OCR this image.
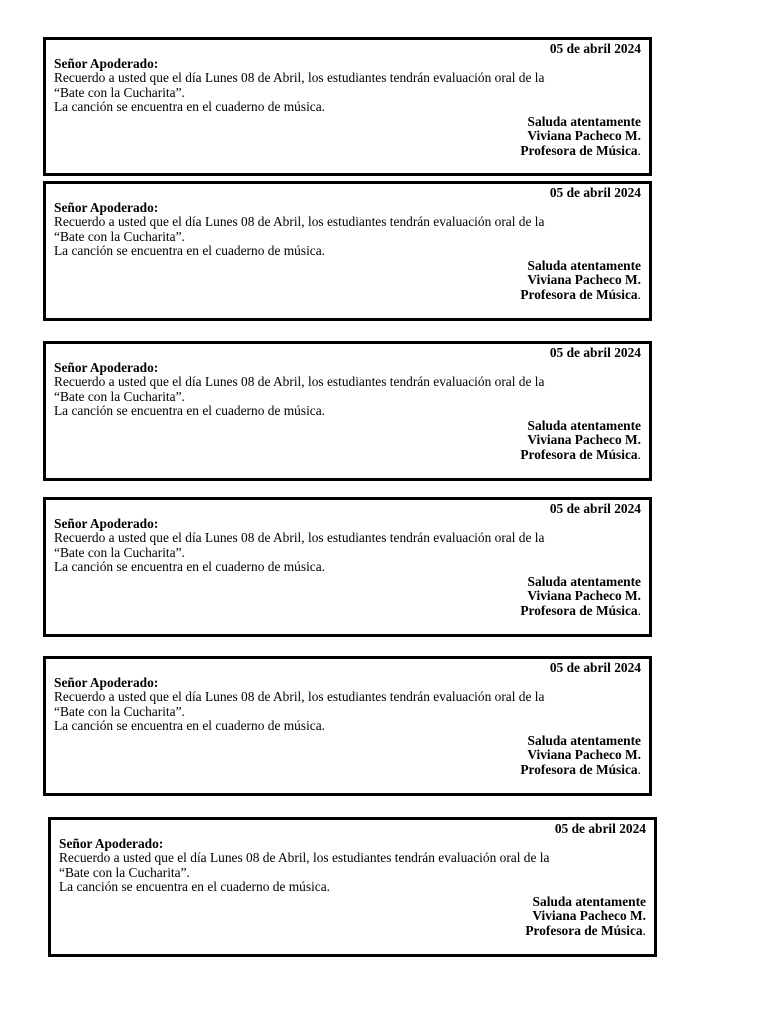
05 de abril 2024
Señor Apoderado:
Recuerdo a usted que el día Lunes 08 de Abril, los estudiantes tendrán evaluación oral de la
“Bate con la Cucharita”.
La canción se encuentra en el cuaderno de música.
Saluda atentamente
Viviana Pacheco M.
Profesora de Música.
05 de abril 2024
Señor Apoderado:
Recuerdo a usted que el día Lunes 08 de Abril, los estudiantes tendrán evaluación oral de la
“Bate con la Cucharita”.
La canción se encuentra en el cuaderno de música.
Saluda atentamente
Viviana Pacheco M.
Profesora de Música.
05 de abril 2024
Señor Apoderado:
Recuerdo a usted que el día Lunes 08 de Abril, los estudiantes tendrán evaluación oral de la
“Bate con la Cucharita”.
La canción se encuentra en el cuaderno de música.
Saluda atentamente
Viviana Pacheco M.
Profesora de Música.
05 de abril 2024
Señor Apoderado:
Recuerdo a usted que el día Lunes 08 de Abril, los estudiantes tendrán evaluación oral de la
“Bate con la Cucharita”.
La canción se encuentra en el cuaderno de música.
Saluda atentamente
Viviana Pacheco M.
Profesora de Música.
05 de abril 2024
Señor Apoderado:
Recuerdo a usted que el día Lunes 08 de Abril, los estudiantes tendrán evaluación oral de la
“Bate con la Cucharita”.
La canción se encuentra en el cuaderno de música.
Saluda atentamente
Viviana Pacheco M.
Profesora de Música.
05 de abril 2024
Señor Apoderado:
Recuerdo a usted que el día Lunes 08 de Abril, los estudiantes tendrán evaluación oral de la
“Bate con la Cucharita”.
La canción se encuentra en el cuaderno de música.
Saluda atentamente
Viviana Pacheco M.
Profesora de Música.
